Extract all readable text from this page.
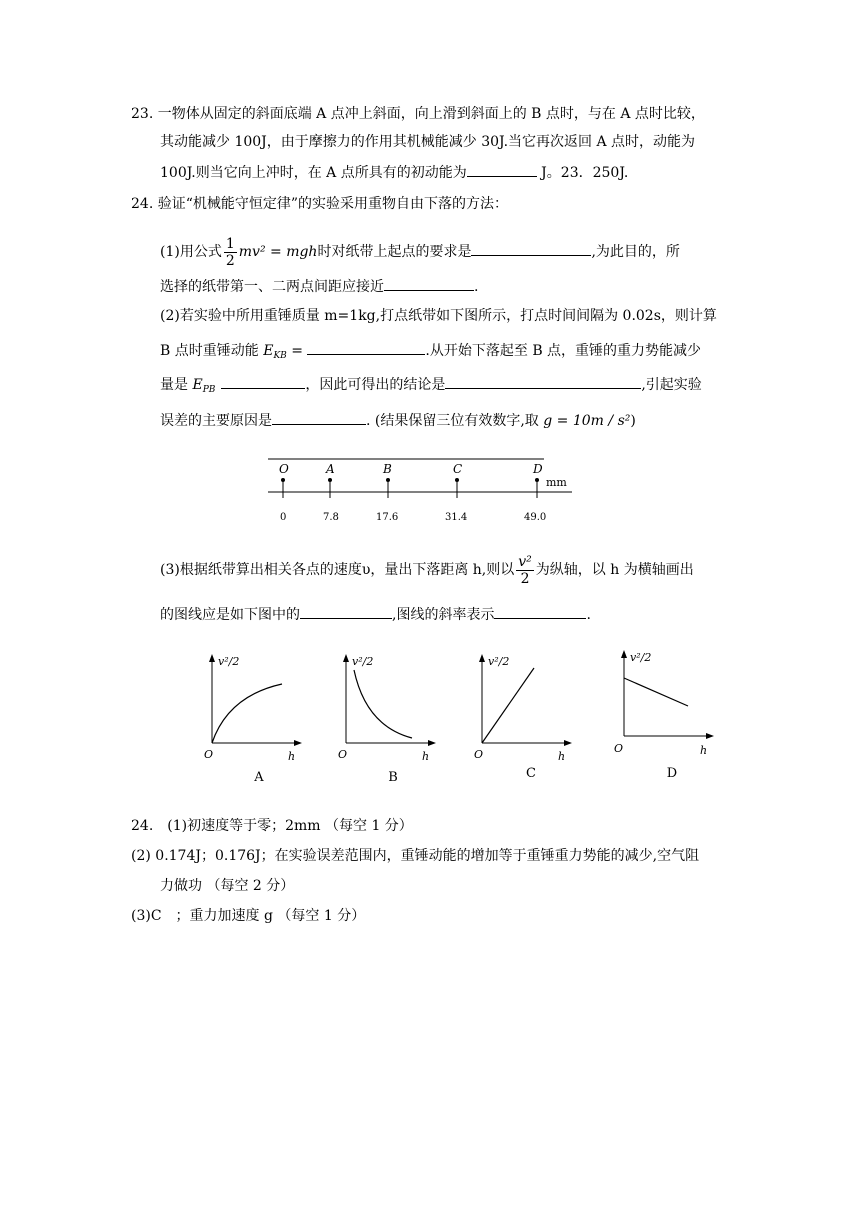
23. 一物体从固定的斜面底端 A 点冲上斜面，向上滑到斜面上的 B 点时，与在 A 点时比较，
其动能减少 100J，由于摩擦力的作用其机械能减少 30J.当它再次返回 A 点时，动能为
100J.则当它向上冲时，在 A 点所具有的初动能为	J。23．250J.
24. 验证“机械能守恒定律”的实验采用重物自由下落的方法：
(1)用公式 $\frac{1}{2} mv^2$ = mgh时对纸带上起点的要求是	,为此目的，所
选择的纸带第一、二两点间距应接近	.
(2)若实验中所用重锤质量 m=1kg,打点纸带如下图所示，打点时间间隔为 0.02s，则计算
B 点时重锤动能 $E_{KB}$ =	.从开始下落起至 B 点，重锤的重力势能减少
量是 $E_{PB}$	，因此可得出的结论是	,引起实验
误差的主要原因是	. (结果保留三位有效数字,取 g = 10m / s²)
mm
O
0
A
7.8
B
17.6
C
31.4
D
49.0
(3)根据纸带算出相关各点的速度υ，量出下落距离 h,则以 $\frac{\text{v²}}{2}$ 为纵轴，以 h 为横轴画出
的图线应是如下图中的	,图线的斜率表示	.
v²/2
O	h
v²/2
O	h
v²/2
O	h
v²/2
O	h
A	B	C	D
24.　(1)初速度等于零；2mm （每空 1 分）
(2) 0.174J；0.176J；在实验误差范围内，重锤动能的增加等于重锤重力势能的减少,空气阻
力做功 （每空 2 分）
(3)C　；重力加速度 g （每空 1 分）
